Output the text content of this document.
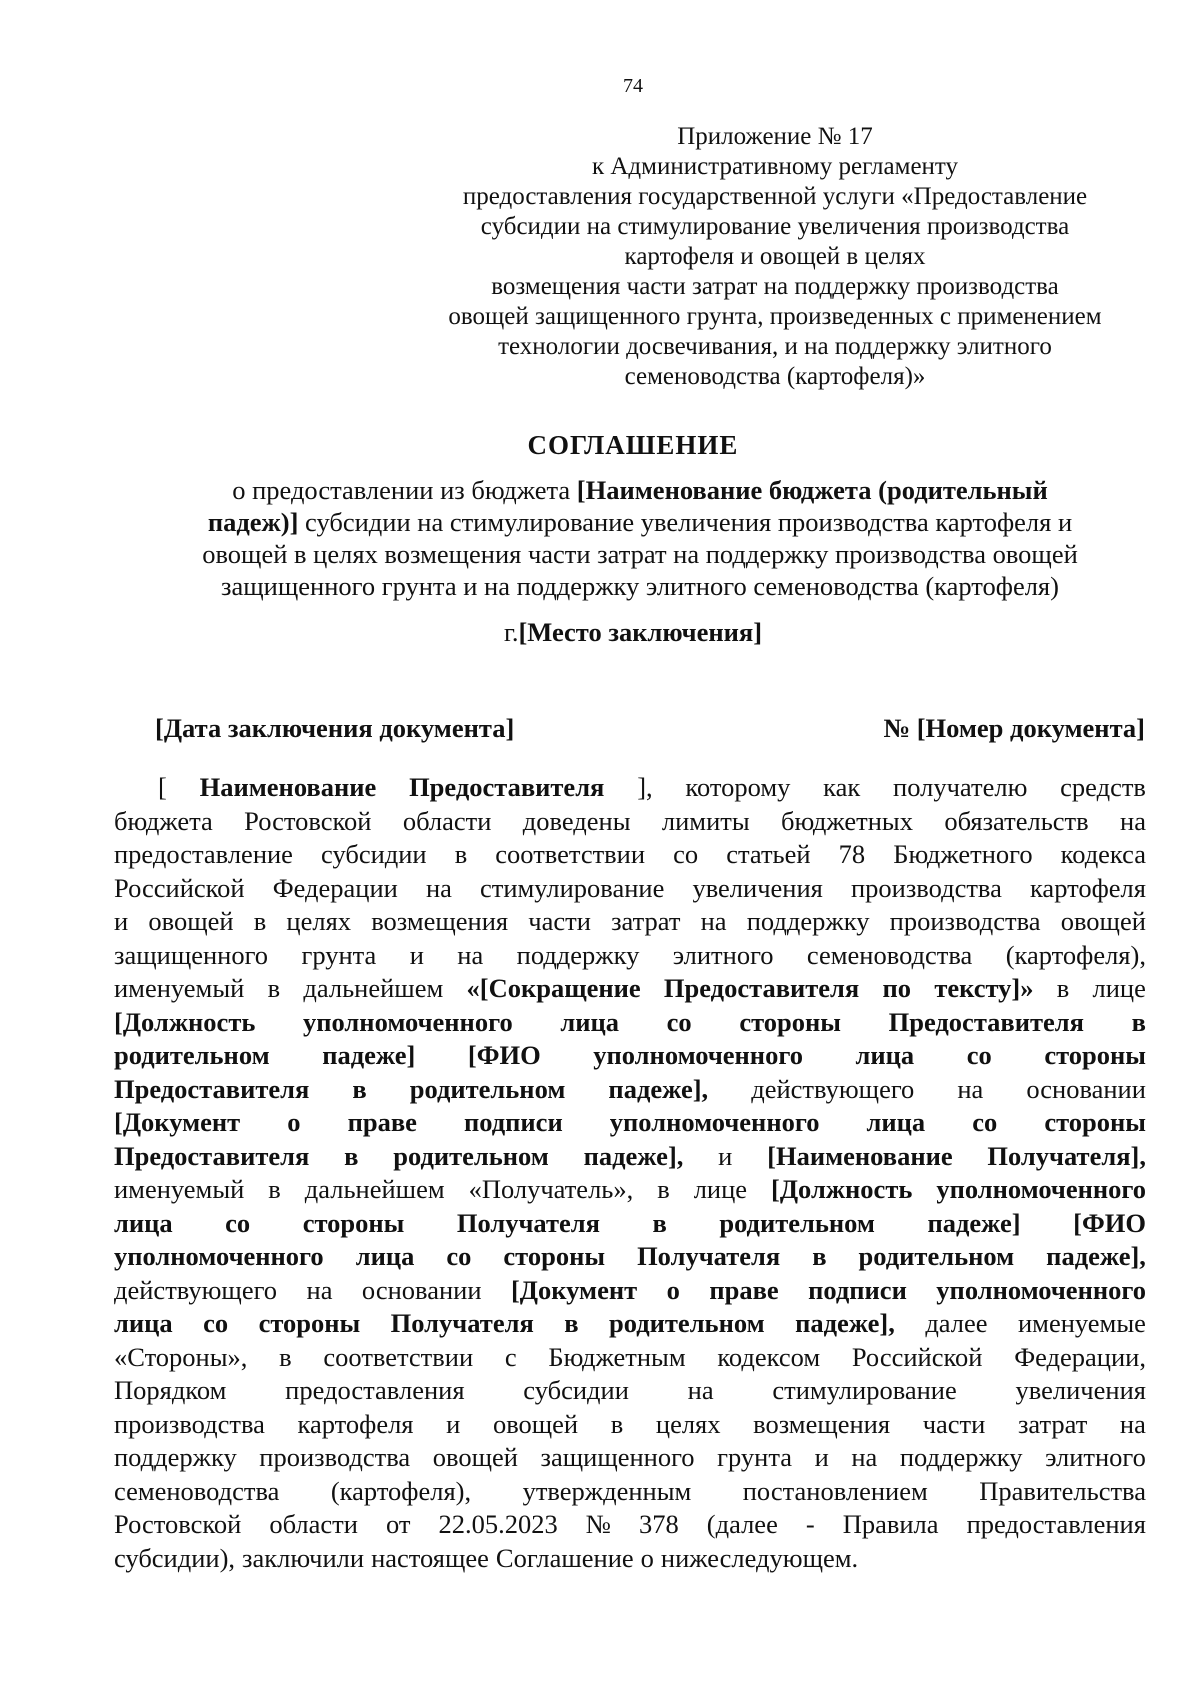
74
Приложение № 17
к Административному регламенту
предоставления государственной услуги «Предоставление
субсидии на стимулирование увеличения производства
картофеля и овощей в целях
возмещения части затрат на поддержку производства
овощей защищенного грунта, произведенных с применением
технологии досвечивания, и на поддержку элитного
семеноводства (картофеля)»
СОГЛАШЕНИЕ
о предоставлении из бюджета [Наименование бюджета (родительный
падеж)] субсидии на стимулирование увеличения производства картофеля и
овощей в целях возмещения части затрат на поддержку производства овощей
защищенного грунта и на поддержку элитного семеноводства (картофеля)
г.[Место заключения]
[Дата заключения документа]	№ [Номер документа]
[ Наименование Предоставителя ], которому как получателю средств
бюджета Ростовской области доведены лимиты бюджетных обязательств на
предоставление субсидии в соответствии со статьей 78 Бюджетного кодекса
Российской Федерации на стимулирование увеличения производства картофеля
и овощей в целях возмещения части затрат на поддержку производства овощей
защищенного грунта и на поддержку элитного семеноводства (картофеля),
именуемый в дальнейшем «[Сокращение Предоставителя по тексту]» в лице
[Должность уполномоченного лица со стороны Предоставителя в
родительном падеже] [ФИО уполномоченного лица со стороны
Предоставителя в родительном падеже], действующего на основании
[Документ о праве подписи уполномоченного лица со стороны
Предоставителя в родительном падеже], и [Наименование Получателя],
именуемый в дальнейшем «Получатель», в лице [Должность уполномоченного
лица со стороны Получателя в родительном падеже] [ФИО
уполномоченного лица со стороны Получателя в родительном падеже],
действующего на основании [Документ о праве подписи уполномоченного
лица со стороны Получателя в родительном падеже], далее именуемые
«Стороны», в соответствии с Бюджетным кодексом Российской Федерации,
Порядком предоставления субсидии на стимулирование увеличения
производства картофеля и овощей в целях возмещения части затрат на
поддержку производства овощей защищенного грунта и на поддержку элитного
семеноводства (картофеля), утвержденным постановлением Правительства
Ростовской области от 22.05.2023 № 378 (далее - Правила предоставления
субсидии), заключили настоящее Соглашение о нижеследующем.
